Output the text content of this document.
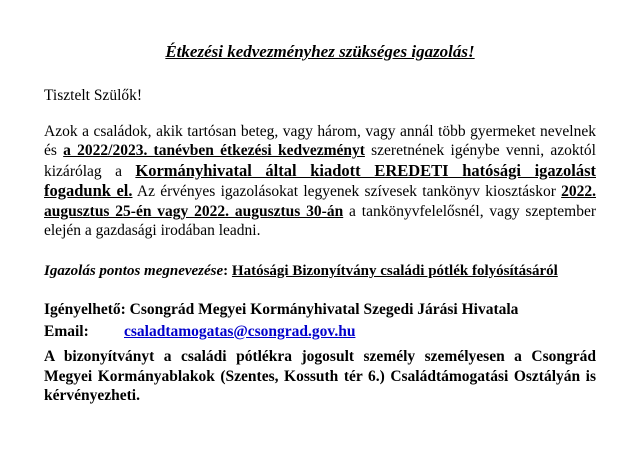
Étkezési kedvezményhez szükséges igazolás!
Tisztelt Szülők!
Azok a családok, akik tartósan beteg, vagy három, vagy annál több gyermeket nevelnek és a 2022/2023. tanévben étkezési kedvezményt szeretnének igénybe venni, azoktól kizárólag a Kormányhivatal által kiadott EREDETI hatósági igazolást fogadunk el. Az érvényes igazolásokat legyenek szívesek tankönyv kiosztáskor 2022. augusztus 25-én vagy 2022. augusztus 30-án a tankönyvfelelősnél, vagy szeptember elején a gazdasági irodában leadni.
Igazolás pontos megnevezése: Hatósági Bizonyítvány családi pótlék folyósításáról
Igényelhető: Csongrád Megyei Kormányhivatal Szegedi Járási Hivatala
Email: csaladtamogatas@csongrad.gov.hu
A bizonyítványt a családi pótlékra jogosult személy személyesen a Csongrád Megyei Kormányablakok (Szentes, Kossuth tér 6.) Családtámogatási Osztályán is kérvényezheti.
